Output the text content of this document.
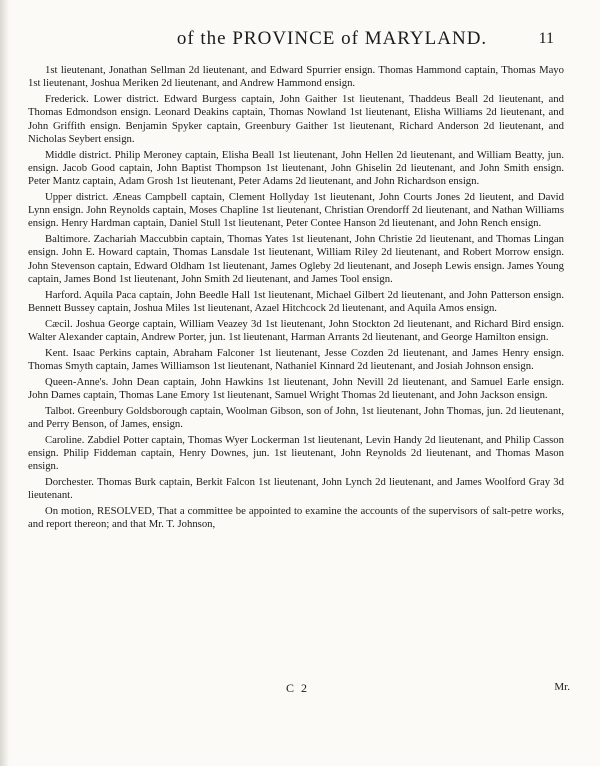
of the PROVINCE of MARYLAND.	11

1st lieutenant, Jonathan Sellman 2d lieutenant, and Edward Spurrier ensign. Thomas Hammond captain, Thomas Mayo 1st lieutenant, Joshua Meriken 2d lieutenant, and Andrew Hammond ensign.

Frederick. Lower district. Edward Burgess captain, John Gaither 1st lieutenant, Thaddeus Beall 2d lieutenant, and Thomas Edmondson ensign. Leonard Deakins captain, Thomas Nowland 1st lieutenant, Elisha Williams 2d lieutenant, and John Griffith ensign. Benjamin Spyker captain, Greenbury Gaither 1st lieutenant, Richard Anderson 2d lieutenant, and Nicholas Seybert ensign.

Middle district. Philip Meroney captain, Elisha Beall 1st lieutenant, John Hellen 2d lieutenant, and William Beatty, jun. ensign. Jacob Good captain, John Baptist Thompson 1st lieutenant, John Ghiselin 2d lieutenant, and John Smith ensign. Peter Mantz captain, Adam Grosh 1st lieutenant, Peter Adams 2d lieutenant, and John Richardson ensign.

Upper district. Æneas Campbell captain, Clement Hollyday 1st lieutenant, John Courts Jones 2d lieutent, and David Lynn ensign. John Reynolds captain, Moses Chapline 1st lieutenant, Christian Orendorff 2d lieutenant, and Nathan Williams ensign. Henry Hardman captain, Daniel Stull 1st lieutenant, Peter Contee Hanson 2d lieutenant, and John Rench ensign.

Baltimore. Zachariah Maccubbin captain, Thomas Yates 1st lieutenant, John Christie 2d lieutenant, and Thomas Lingan ensign. John E. Howard captain, Thomas Lansdale 1st lieutenant, William Riley 2d lieutenant, and Robert Morrow ensign. John Stevenson captain, Edward Oldham 1st lieutenant, James Ogleby 2d lieutenant, and Joseph Lewis ensign. James Young captain, James Bond 1st lieutenant, John Smith 2d lieutenant, and James Tool ensign.

Harford. Aquila Paca captain, John Beedle Hall 1st lieutenant, Michael Gilbert 2d lieutenant, and John Patterson ensign. Bennett Bussey captain, Joshua Miles 1st lieutenant, Azael Hitchcock 2d lieutenant, and Aquila Amos ensign.

Cæcil. Joshua George captain, William Veazey 3d 1st lieutenant, John Stockton 2d lieutenant, and Richard Bird ensign. Walter Alexander captain, Andrew Porter, jun. 1st lieutenant, Harman Arrants 2d lieutenant, and George Hamilton ensign.

Kent. Isaac Perkins captain, Abraham Falconer 1st lieutenant, Jesse Cozden 2d lieutenant, and James Henry ensign. Thomas Smyth captain, James Williamson 1st lieutenant, Nathaniel Kinnard 2d lieutenant, and Josiah Johnson ensign.

Queen-Anne's. John Dean captain, John Hawkins 1st lieutenant, John Nevill 2d lieutenant, and Samuel Earle ensign. John Dames captain, Thomas Lane Emory 1st lieutenant, Samuel Wright Thomas 2d lieutenant, and John Jackson ensign.

Talbot. Greenbury Goldsborough captain, Woolman Gibson, son of John, 1st lieutenant, John Thomas, jun. 2d lieutenant, and Perry Benson, of James, ensign.

Caroline. Zabdiel Potter captain, Thomas Wyer Lockerman 1st lieutenant, Levin Handy 2d lieutenant, and Philip Casson ensign. Philip Fiddeman captain, Henry Downes, jun. 1st lieutenant, John Reynolds 2d lieutenant, and Thomas Mason ensign.

Dorchester. Thomas Burk captain, Berkit Falcon 1st lieutenant, John Lynch 2d lieutenant, and James Woolford Gray 3d lieutenant.

On motion, RESOLVED, That a committee be appointed to examine the accounts of the supervisors of salt-petre works, and report thereon; and that Mr. T. Johnson,

C 2	Mr.
